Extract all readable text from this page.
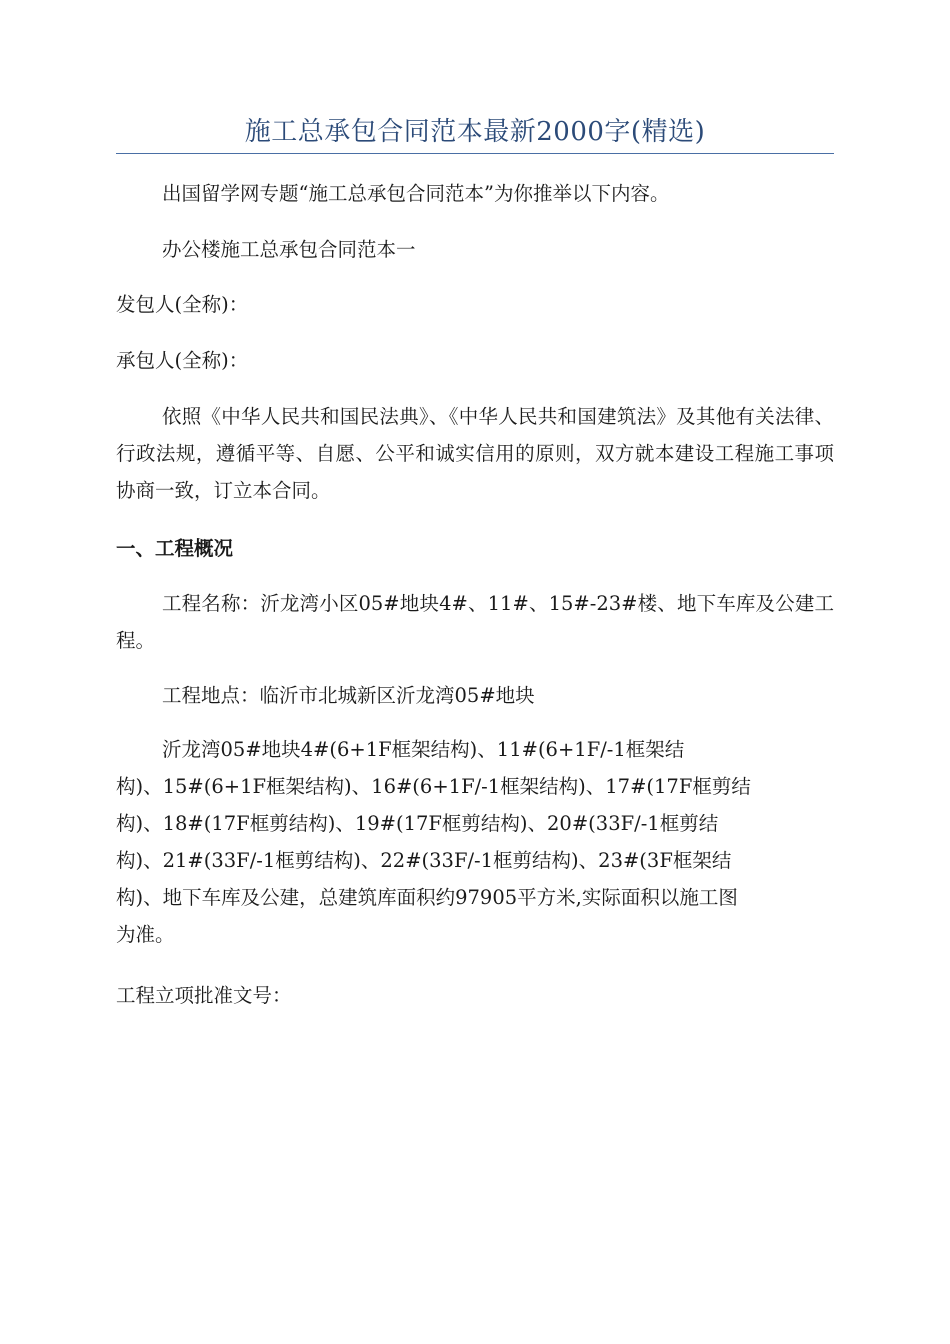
施工总承包合同范本最新2000字(精选)
出国留学网专题“施工总承包合同范本”为你推举以下内容。
办公楼施工总承包合同范本一
发包人(全称)：
承包人(全称)：
依照《中华人民共和国民法典》、《中华人民共和国建筑法》及其他有关法律、行政法规，遵循平等、自愿、公平和诚实信用的原则，双方就本建设工程施工事项协商一致，订立本合同。
一、工程概况
工程名称：沂龙湾小区05#地块4#、11#、15#-23#楼、地下车库及公建工程。
工程地点：临沂市北城新区沂龙湾05#地块
沂龙湾05#地块4#(6+1F框架结构)、11#(6+1F/-1框架结
构)、15#(6+1F框架结构)、16#(6+1F/-1框架结构)、17#(17F框剪结
构)、18#(17F框剪结构)、19#(17F框剪结构)、20#(33F/-1框剪结
构)、21#(33F/-1框剪结构)、22#(33F/-1框剪结构)、23#(3F框架结
构)、地下车库及公建，总建筑库面积约97905平方米,实际面积以施工图
为准。
工程立项批准文号：
